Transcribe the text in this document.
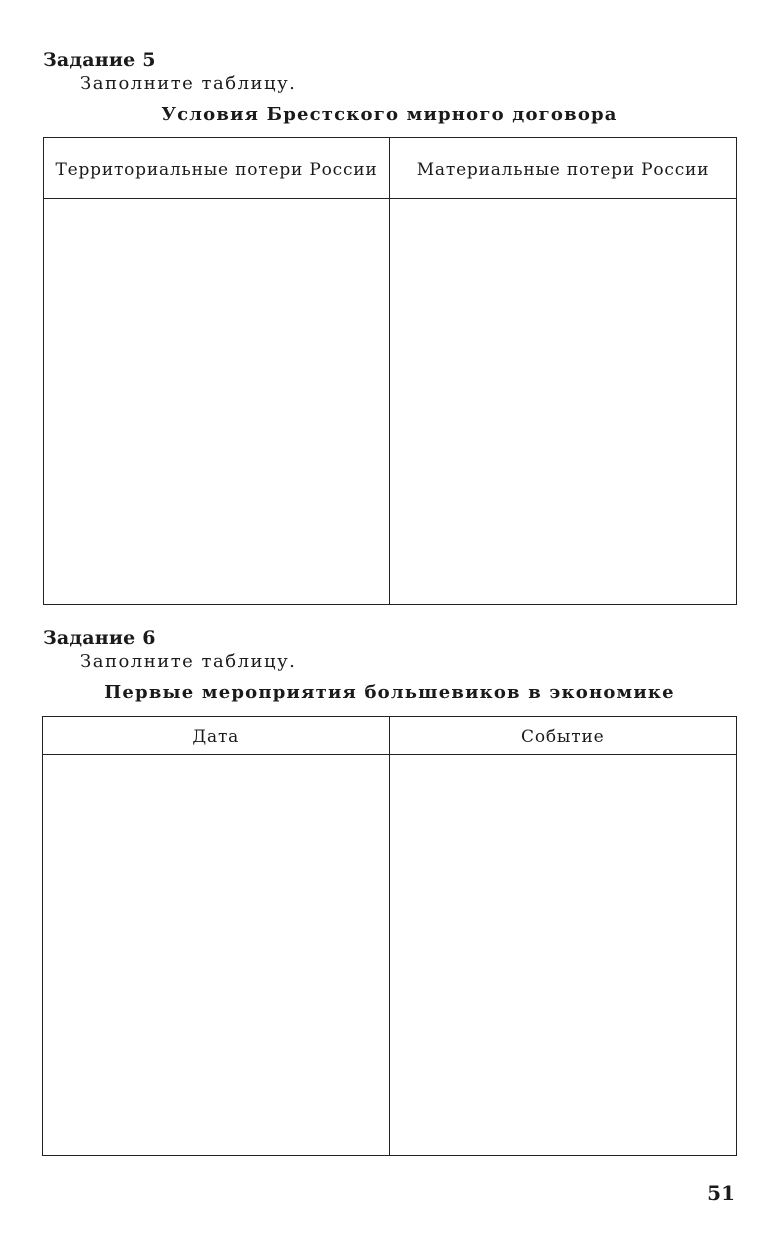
Задание 5
Заполните таблицу.
Условия Брестского мирного договора
Территориальные потери России Материальные потери России
Задание 6
Заполните таблицу.
Первые мероприятия большевиков в экономике
Дата	Событие
51
